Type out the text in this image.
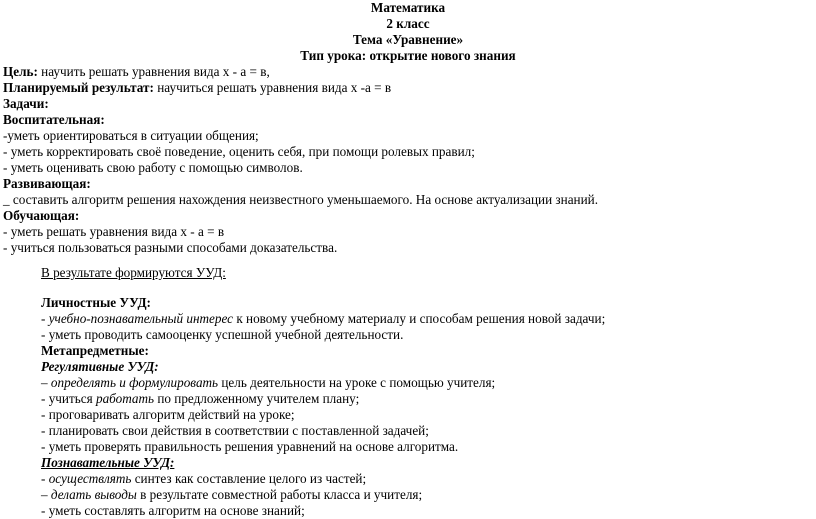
Математика
2 класс
Тема «Уравнение»
Тип урока: открытие нового знания
Цель: научить решать уравнения вида х - а = в,
Планируемый результат: научиться решать уравнения вида х -а = в
Задачи:
Воспитательная:
-уметь ориентироваться в ситуации общения;
- уметь корректировать своё поведение, оценить себя, при помощи ролевых правил;
- уметь оценивать свою работу с помощью символов.
Развивающая:
_ составить алгоритм решения нахождения неизвестного уменьшаемого. На основе актуализации знаний.
Обучающая:
- уметь решать уравнения вида х - а = в
- учиться пользоваться разными способами доказательства.
В результате формируются УУД:
Личностные УУД:
- учебно-познавательный интерес к новому учебному материалу и способам решения новой задачи;
- уметь проводить самооценку успешной учебной деятельности.
Метапредметные:
Регулятивные УУД:
– определять и формулировать цель деятельности на уроке с помощью учителя;
- учиться работать по предложенному учителем плану;
- проговаривать алгоритм действий на уроке;
- планировать свои действия в соответствии с поставленной задачей;
- уметь проверять правильность решения уравнений на основе алгоритма.
Познавательные УУД:
- осуществлять синтез как составление целого из частей;
– делать выводы в результате совместной работы класса и учителя;
- уметь составлять алгоритм на основе знаний;
